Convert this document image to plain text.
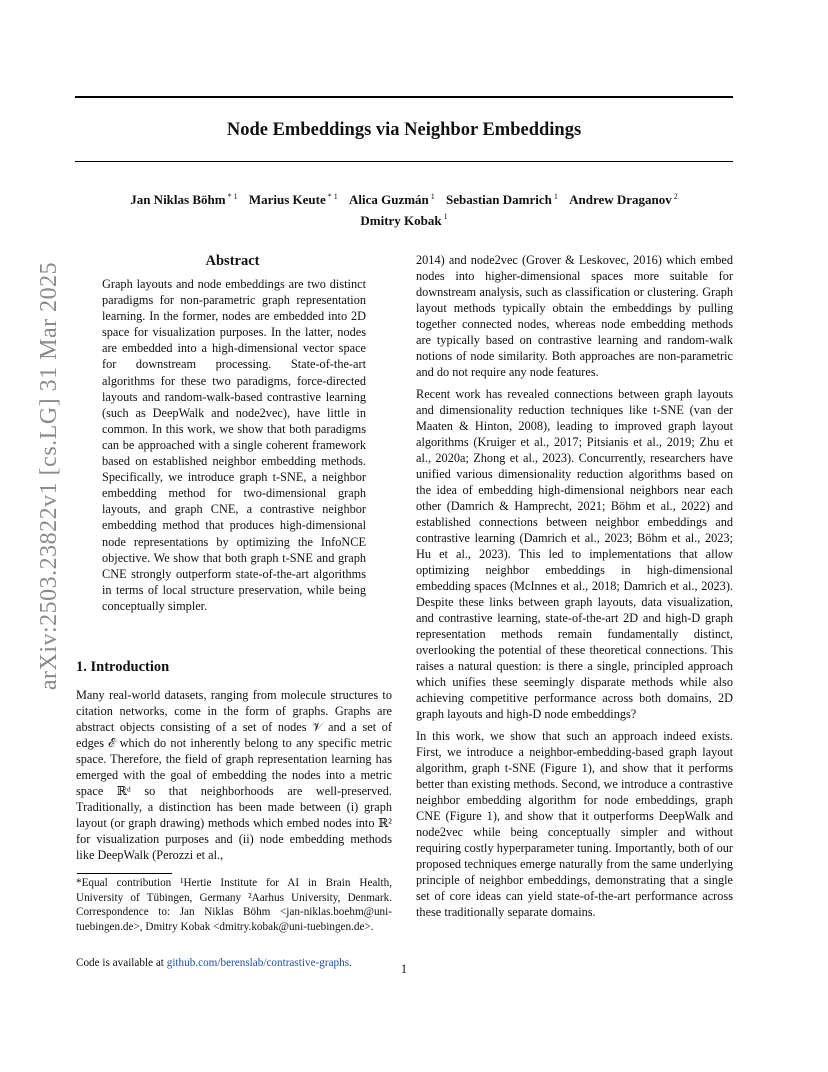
Node Embeddings via Neighbor Embeddings
Jan Niklas Böhm $^{* 1}$ Marius Keute $^{* 1}$ Alica Guzmán $^1$ Sebastian Damrich $^1$ Andrew Draganov $^2$
Dmitry Kobak $^1$
arXiv:2503.23822v1 [cs.LG] 31 Mar 2025
Abstract
Graph layouts and node embeddings are two distinct paradigms for non-parametric graph representation learning. In the former, nodes are embedded into 2D space for visualization purposes. In the latter, nodes are embedded into a high-dimensional vector space for downstream processing. State-of-the-art algorithms for these two paradigms, force-directed layouts and random-walk-based contrastive learning (such as DeepWalk and node2vec), have little in common. In this work, we show that both paradigms can be approached with a single coherent framework based on established neighbor embedding methods. Specifically, we introduce graph t-SNE, a neighbor embedding method for two-dimensional graph layouts, and graph CNE, a contrastive neighbor embedding method that produces high-dimensional node representations by optimizing the InfoNCE objective. We show that both graph t-SNE and graph CNE strongly outperform state-of-the-art algorithms in terms of local structure preservation, while being conceptually simpler.
1. Introduction
Many real-world datasets, ranging from molecule structures to citation networks, come in the form of graphs. Graphs are abstract objects consisting of a set of nodes 𝒱 and a set of edges ℰ which do not inherently belong to any specific metric space. Therefore, the field of graph representation learning has emerged with the goal of embedding the nodes into a metric space ℝᵈ so that neighborhoods are well-preserved. Traditionally, a distinction has been made between (i) graph layout (or graph drawing) methods which embed nodes into ℝ² for visualization purposes and (ii) node embedding methods like DeepWalk (Perozzi et al.,
*Equal contribution ¹Hertie Institute for AI in Brain Health, University of Tübingen, Germany ²Aarhus University, Denmark. Correspondence to: Jan Niklas Böhm <jan-niklas.boehm@uni-tuebingen.de>, Dmitry Kobak <dmitry.kobak@uni-tuebingen.de>.
Code is available at github.com/berenslab/contrastive-graphs.

2014) and node2vec (Grover & Leskovec, 2016) which embed nodes into higher-dimensional spaces more suitable for downstream analysis, such as classification or clustering. Graph layout methods typically obtain the embeddings by pulling together connected nodes, whereas node embedding methods are typically based on contrastive learning and random-walk notions of node similarity. Both approaches are non-parametric and do not require any node features.

Recent work has revealed connections between graph layouts and dimensionality reduction techniques like t-SNE (van der Maaten & Hinton, 2008), leading to improved graph layout algorithms (Kruiger et al., 2017; Pitsianis et al., 2019; Zhu et al., 2020a; Zhong et al., 2023). Concurrently, researchers have unified various dimensionality reduction algorithms based on the idea of embedding high-dimensional neighbors near each other (Damrich & Hamprecht, 2021; Böhm et al., 2022) and established connections between neighbor embeddings and contrastive learning (Damrich et al., 2023; Böhm et al., 2023; Hu et al., 2023). This led to implementations that allow optimizing neighbor embeddings in high-dimensional embedding spaces (McInnes et al., 2018; Damrich et al., 2023). Despite these links between graph layouts, data visualization, and contrastive learning, state-of-the-art 2D and high-D graph representation methods remain fundamentally distinct, overlooking the potential of these theoretical connections. This raises a natural question: is there a single, principled approach which unifies these seemingly disparate methods while also achieving competitive performance across both domains, 2D graph layouts and high-D node embeddings?

In this work, we show that such an approach indeed exists. First, we introduce a neighbor-embedding-based graph layout algorithm, graph t-SNE (Figure 1), and show that it performs better than existing methods. Second, we introduce a contrastive neighbor embedding algorithm for node embeddings, graph CNE (Figure 1), and show that it outperforms DeepWalk and node2vec while being conceptually simpler and without requiring costly hyperparameter tuning. Importantly, both of our proposed techniques emerge naturally from the same underlying principle of neighbor embeddings, demonstrating that a single set of core ideas can yield state-of-the-art performance across these traditionally separate domains.

1
